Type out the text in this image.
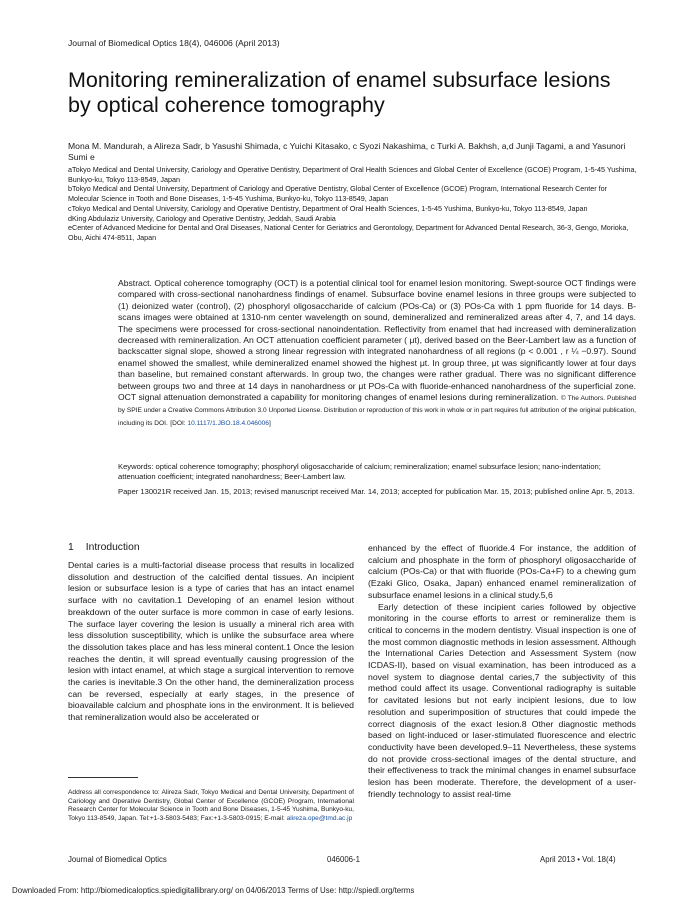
Journal of Biomedical Optics 18(4), 046006 (April 2013)
Monitoring remineralization of enamel subsurface lesions by optical coherence tomography
Mona M. Mandurah, a Alireza Sadr, b Yasushi Shimada, c Yuichi Kitasako, c Syozi Nakashima, c Turki A. Bakhsh, a,d Junji Tagami, a and Yasunori Sumi e
aTokyo Medical and Dental University, Cariology and Operative Dentistry, Department of Oral Health Sciences and Global Center of Excellence (GCOE) Program, 1-5-45 Yushima, Bunkyo-ku, Tokyo 113-8549, Japan
bTokyo Medical and Dental University, Department of Cariology and Operative Dentistry, Global Center of Excellence (GCOE) Program, International Research Center for Molecular Science in Tooth and Bone Diseases, 1-5-45 Yushima, Bunkyo-ku, Tokyo 113-8549, Japan
cTokyo Medical and Dental University, Cariology and Operative Dentistry, Department of Oral Health Sciences, 1-5-45 Yushima, Bunkyo-ku, Tokyo 113-8549, Japan
dKing Abdulaziz University, Cariology and Operative Dentistry, Jeddah, Saudi Arabia
eCenter of Advanced Medicine for Dental and Oral Diseases, National Center for Geriatrics and Gerontology, Department for Advanced Dental Research, 36-3, Gengo, Morioka, Obu, Aichi 474-8511, Japan
Abstract. Optical coherence tomography (OCT) is a potential clinical tool for enamel lesion monitoring. Swept-source OCT findings were compared with cross-sectional nanohardness findings of enamel. Subsurface bovine enamel lesions in three groups were subjected to (1) deionized water (control), (2) phosphoryl oligosaccharide of calcium (POs-Ca) or (3) POs-Ca with 1 ppm fluoride for 14 days. B-scans images were obtained at 1310-nm center wavelength on sound, demineralized and remineralized areas after 4, 7, and 14 days. The specimens were processed for cross-sectional nanoindentation. Reflectivity from enamel that had increased with demineralization decreased with remineralization. An OCT attenuation coefficient parameter ( μt), derived based on the Beer-Lambert law as a function of backscatter signal slope, showed a strong linear regression with integrated nanohardness of all regions (p < 0.001 , r ¼ −0.97). Sound enamel showed the smallest, while demineralized enamel showed the highest μt. In group three, μt was significantly lower at four days than baseline, but remained constant afterwards. In group two, the changes were rather gradual. There was no significant difference between groups two and three at 14 days in nanohardness or μt POs-Ca with fluoride-enhanced nanohardness of the superficial zone. OCT signal attenuation demonstrated a capability for monitoring changes of enamel lesions during remineralization. © The Authors. Published by SPIE under a Creative Commons Attribution 3.0 Unported License. Distribution or reproduction of this work in whole or in part requires full attribution of the original publication, including its DOI. [DOI: 10.1117/1.JBO.18.4.046006]
Keywords: optical coherence tomography; phosphoryl oligosaccharide of calcium; remineralization; enamel subsurface lesion; nano-indentation; attenuation coefficient; integrated nanohardness; Beer-Lambert law.
Paper 130021R received Jan. 15, 2013; revised manuscript received Mar. 14, 2013; accepted for publication Mar. 15, 2013; published online Apr. 5, 2013.
1 Introduction
Dental caries is a multi-factorial disease process that results in localized dissolution and destruction of the calcified dental tissues. An incipient lesion or subsurface lesion is a type of caries that has an intact enamel surface with no cavitation.1 Developing of an enamel lesion without breakdown of the outer surface is more common in case of early lesions. The surface layer covering the lesion is usually a mineral rich area with less dissolution susceptibility, which is unlike the subsurface area where the dissolution takes place and has less mineral content.1 Once the lesion reaches the dentin, it will spread eventually causing progression of the lesion with intact enamel, at which stage a surgical intervention to remove the caries is inevitable.3 On the other hand, the demineralization process can be reversed, especially at early stages, in the presence of bioavailable calcium and phosphate ions in the environment. It is believed that remineralization would also be accelerated or
enhanced by the effect of fluoride.4 For instance, the addition of calcium and phosphate in the form of phosphoryl oligosaccharide of calcium (POs-Ca) or that with fluoride (POs-Ca+F) to a chewing gum (Ezaki Glico, Osaka, Japan) enhanced enamel remineralization of subsurface enamel lesions in a clinical study.5,6
Early detection of these incipient caries followed by objective monitoring in the course efforts to arrest or remineralize them is critical to concerns in the modern dentistry. Visual inspection is one of the most common diagnostic methods in lesion assessment. Although the International Caries Detection and Assessment System (now ICDAS-II), based on visual examination, has been introduced as a novel system to diagnose dental caries,7 the subjectivity of this method could affect its usage. Conventional radiography is suitable for cavitated lesions but not early incipient lesions, due to low resolution and superimposition of structures that could impede the correct diagnosis of the exact lesion.8 Other diagnostic methods based on light-induced or laser-stimulated fluorescence and electric conductivity have been developed.9–11 Nevertheless, these systems do not provide cross-sectional images of the dental structure, and their effectiveness to track the minimal changes in enamel subsurface lesion has been moderate. Therefore, the development of a user-friendly technology to assist real-time
Address all correspondence to: Alireza Sadr, Tokyo Medical and Dental University, Department of Cariology and Operative Dentistry, Global Center of Excellence (GCOE) Program, International Research Center for Molecular Science in Tooth and Bone Diseases, 1-5-45 Yushima, Bunkyo-ku, Tokyo 113-8549, Japan. Tel:+1-3-5803-5483; Fax:+1-3-5803-0915; E-mail: alireza.ope@tmd.ac.jp
Journal of Biomedical Optics	046006-1	April 2013 • Vol. 18(4)
Downloaded From: http://biomedicaloptics.spiedigitallibrary.org/ on 04/06/2013 Terms of Use: http://spiedl.org/terms
